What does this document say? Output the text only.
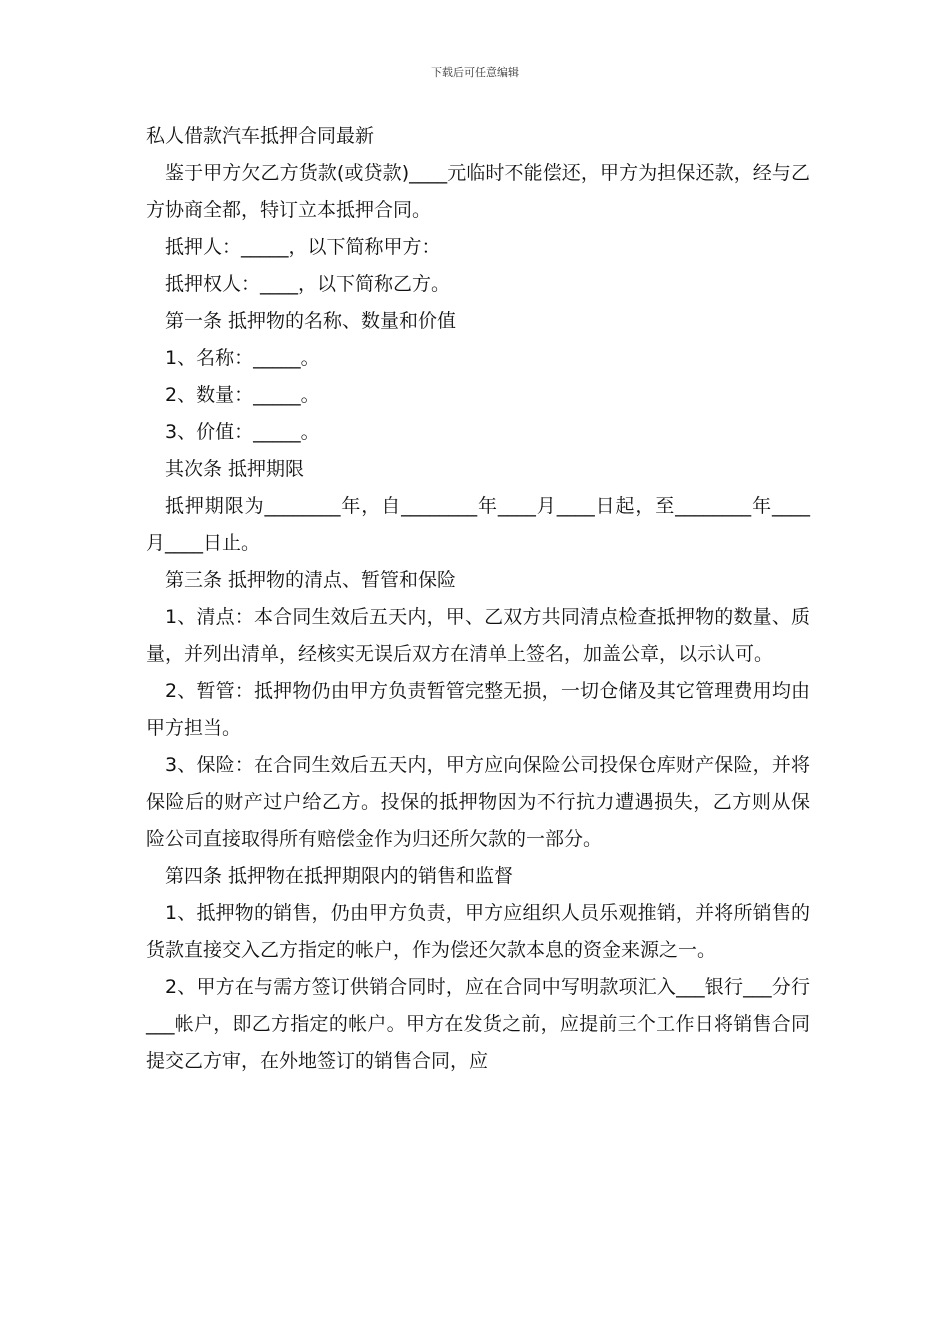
下载后可任意编辑
私人借款汽车抵押合同最新

鉴于甲方欠乙方货款(或贷款)____元临时不能偿还，甲方为担保还款，经与乙方协商全都，特订立本抵押合同。

抵押人：_____，以下简称甲方：

抵押权人：____，以下简称乙方。

第一条 抵押物的名称、数量和价值

1、名称：_____。

2、数量：_____。

3、价值：_____。

其次条 抵押期限

抵押期限为________年，自________年____月____日起，至________年____月____日止。

第三条 抵押物的清点、暂管和保险

1、清点：本合同生效后五天内，甲、乙双方共同清点检查抵押物的数量、质量，并列出清单，经核实无误后双方在清单上签名，加盖公章，以示认可。

2、暂管：抵押物仍由甲方负责暂管完整无损，一切仓储及其它管理费用均由甲方担当。

3、保险：在合同生效后五天内，甲方应向保险公司投保仓库财产保险，并将保险后的财产过户给乙方。投保的抵押物因为不行抗力遭遇损失，乙方则从保险公司直接取得所有赔偿金作为归还所欠款的一部分。

第四条 抵押物在抵押期限内的销售和监督

1、抵押物的销售，仍由甲方负责，甲方应组织人员乐观推销，并将所销售的货款直接交入乙方指定的帐户，作为偿还欠款本息的资金来源之一。

2、甲方在与需方签订供销合同时，应在合同中写明款项汇入___银行___分行___帐户，即乙方指定的帐户。甲方在发货之前，应提前三个工作日将销售合同提交乙方审，在外地签订的销售合同，应
